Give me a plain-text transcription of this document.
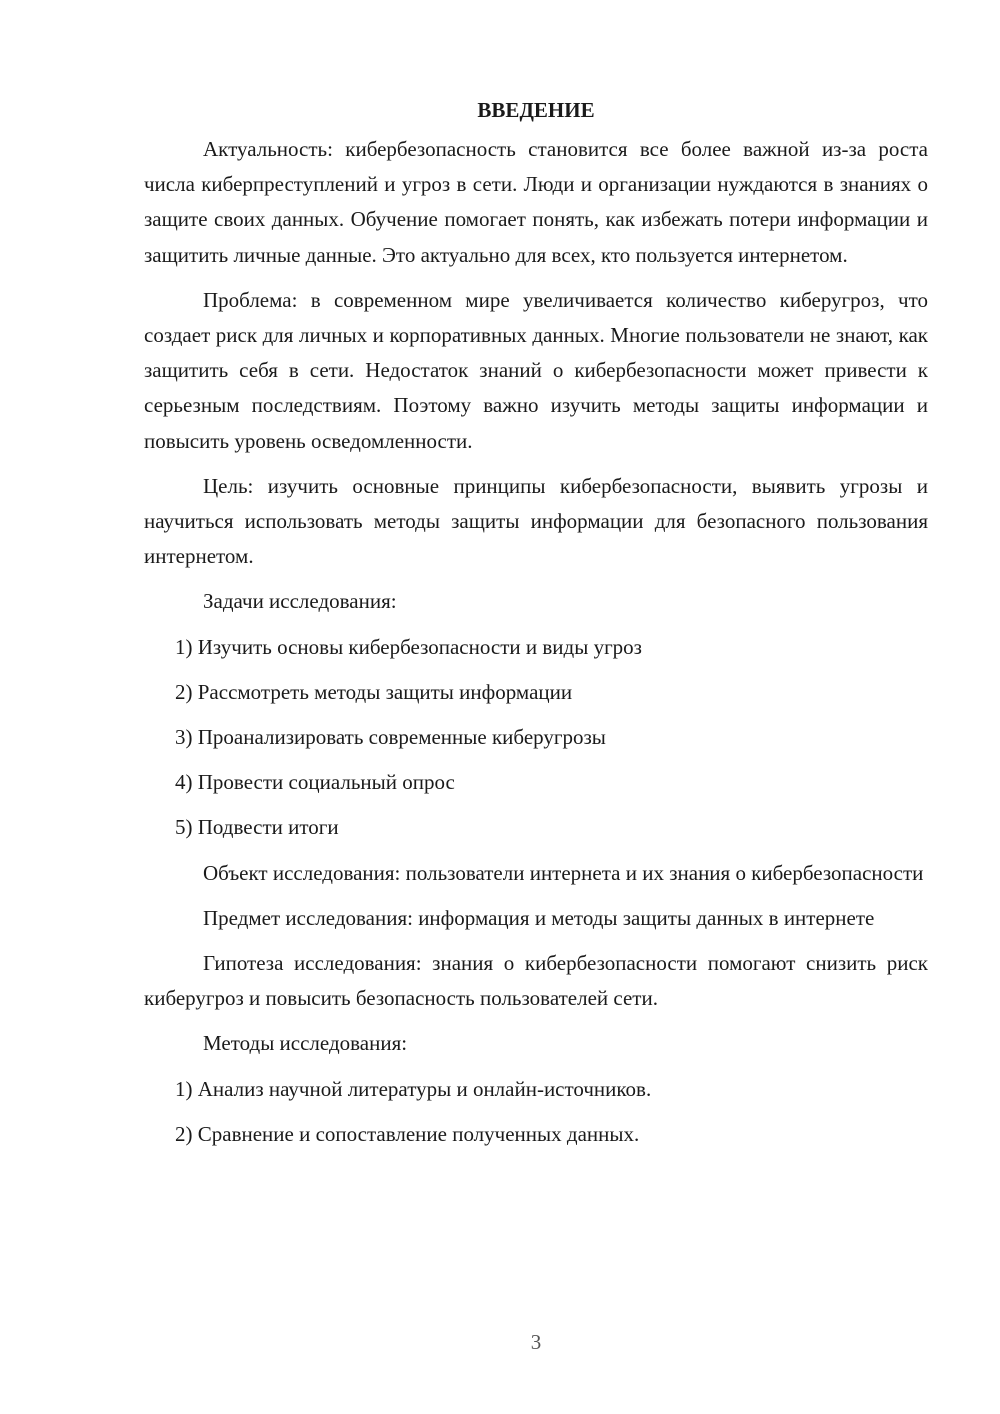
ВВЕДЕНИЕ

Актуальность: кибербезопасность становится все более важной из-за роста числа киберпреступлений и угроз в сети. Люди и организации нуждаются в знаниях о защите своих данных. Обучение помогает понять, как избежать потери информации и защитить личные данные. Это актуально для всех, кто пользуется интернетом.

Проблема: в современном мире увеличивается количество киберугроз, что создает риск для личных и корпоративных данных. Многие пользователи не знают, как защитить себя в сети. Недостаток знаний о кибербезопасности может привести к серьезным последствиям. Поэтому важно изучить методы защиты информации и повысить уровень осведомленности.

Цель: изучить основные принципы кибербезопасности, выявить угрозы и научиться использовать методы защиты информации для безопасного пользования интернетом.

Задачи исследования:

1) Изучить основы кибербезопасности и виды угроз
2) Рассмотреть методы защиты информации
3) Проанализировать современные киберугрозы
4) Провести социальный опрос
5) Подвести итоги

Объект исследования: пользователи интернета и их знания о кибербезопасности

Предмет исследования: информация и методы защиты данных в интернете

Гипотеза исследования: знания о кибербезопасности помогают снизить риск киберугроз и повысить безопасность пользователей сети.

Методы исследования:

1) Анализ научной литературы и онлайн-источников.
2) Сравнение и сопоставление полученных данных.
3
